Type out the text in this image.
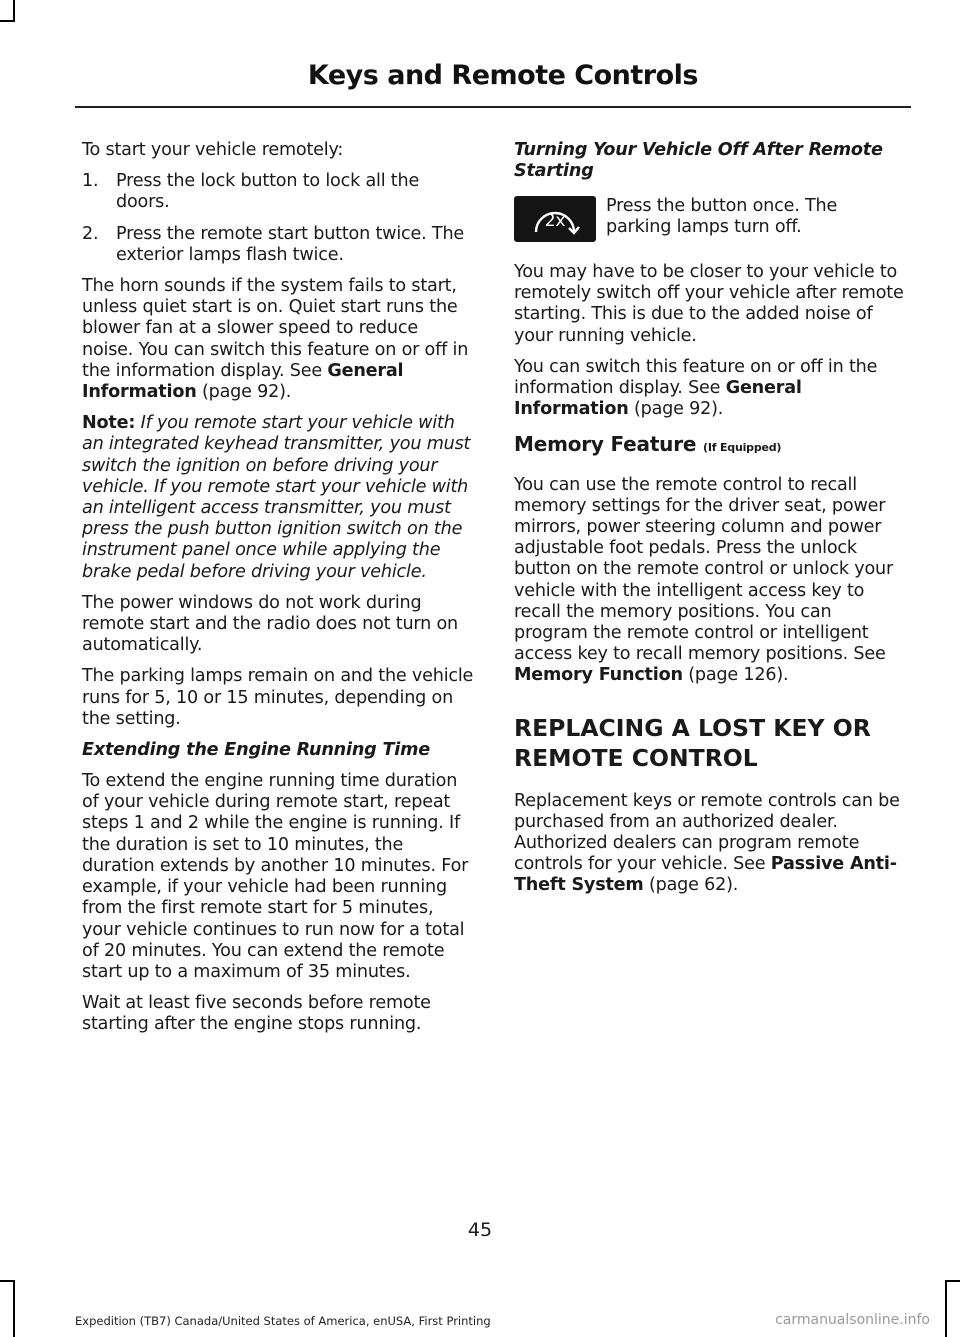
Keys and Remote Controls

To start your vehicle remotely:

1. Press the lock button to lock all the doors.
2. Press the remote start button twice. The exterior lamps flash twice.

The horn sounds if the system fails to start, unless quiet start is on. Quiet start runs the blower fan at a slower speed to reduce noise. You can switch this feature on or off in the information display. See General Information (page 92).

Note: If you remote start your vehicle with an integrated keyhead transmitter, you must switch the ignition on before driving your vehicle. If you remote start your vehicle with an intelligent access transmitter, you must press the push button ignition switch on the instrument panel once while applying the brake pedal before driving your vehicle.

The power windows do not work during remote start and the radio does not turn on automatically.

The parking lamps remain on and the vehicle runs for 5, 10 or 15 minutes, depending on the setting.

Extending the Engine Running Time

To extend the engine running time duration of your vehicle during remote start, repeat steps 1 and 2 while the engine is running. If the duration is set to 10 minutes, the duration extends by another 10 minutes. For example, if your vehicle had been running from the first remote start for 5 minutes, your vehicle continues to run now for a total of 20 minutes. You can extend the remote start up to a maximum of 35 minutes.

Wait at least five seconds before remote starting after the engine stops running.

Turning Your Vehicle Off After Remote Starting
2x
Press the button once. The parking lamps turn off.

You may have to be closer to your vehicle to remotely switch off your vehicle after remote starting. This is due to the added noise of your running vehicle.

You can switch this feature on or off in the information display. See General Information (page 92).

Memory Feature (If Equipped)

You can use the remote control to recall memory settings for the driver seat, power mirrors, power steering column and power adjustable foot pedals. Press the unlock button on the remote control or unlock your vehicle with the intelligent access key to recall the memory positions. You can program the remote control or intelligent access key to recall memory positions. See Memory Function (page 126).

REPLACING A LOST KEY OR
REMOTE CONTROL

Replacement keys or remote controls can be purchased from an authorized dealer. Authorized dealers can program remote controls for your vehicle. See Passive Anti-Theft System (page 62).

45
Expedition (TB7) Canada/United States of America, enUSA, First Printing	carmanualsonline.info
